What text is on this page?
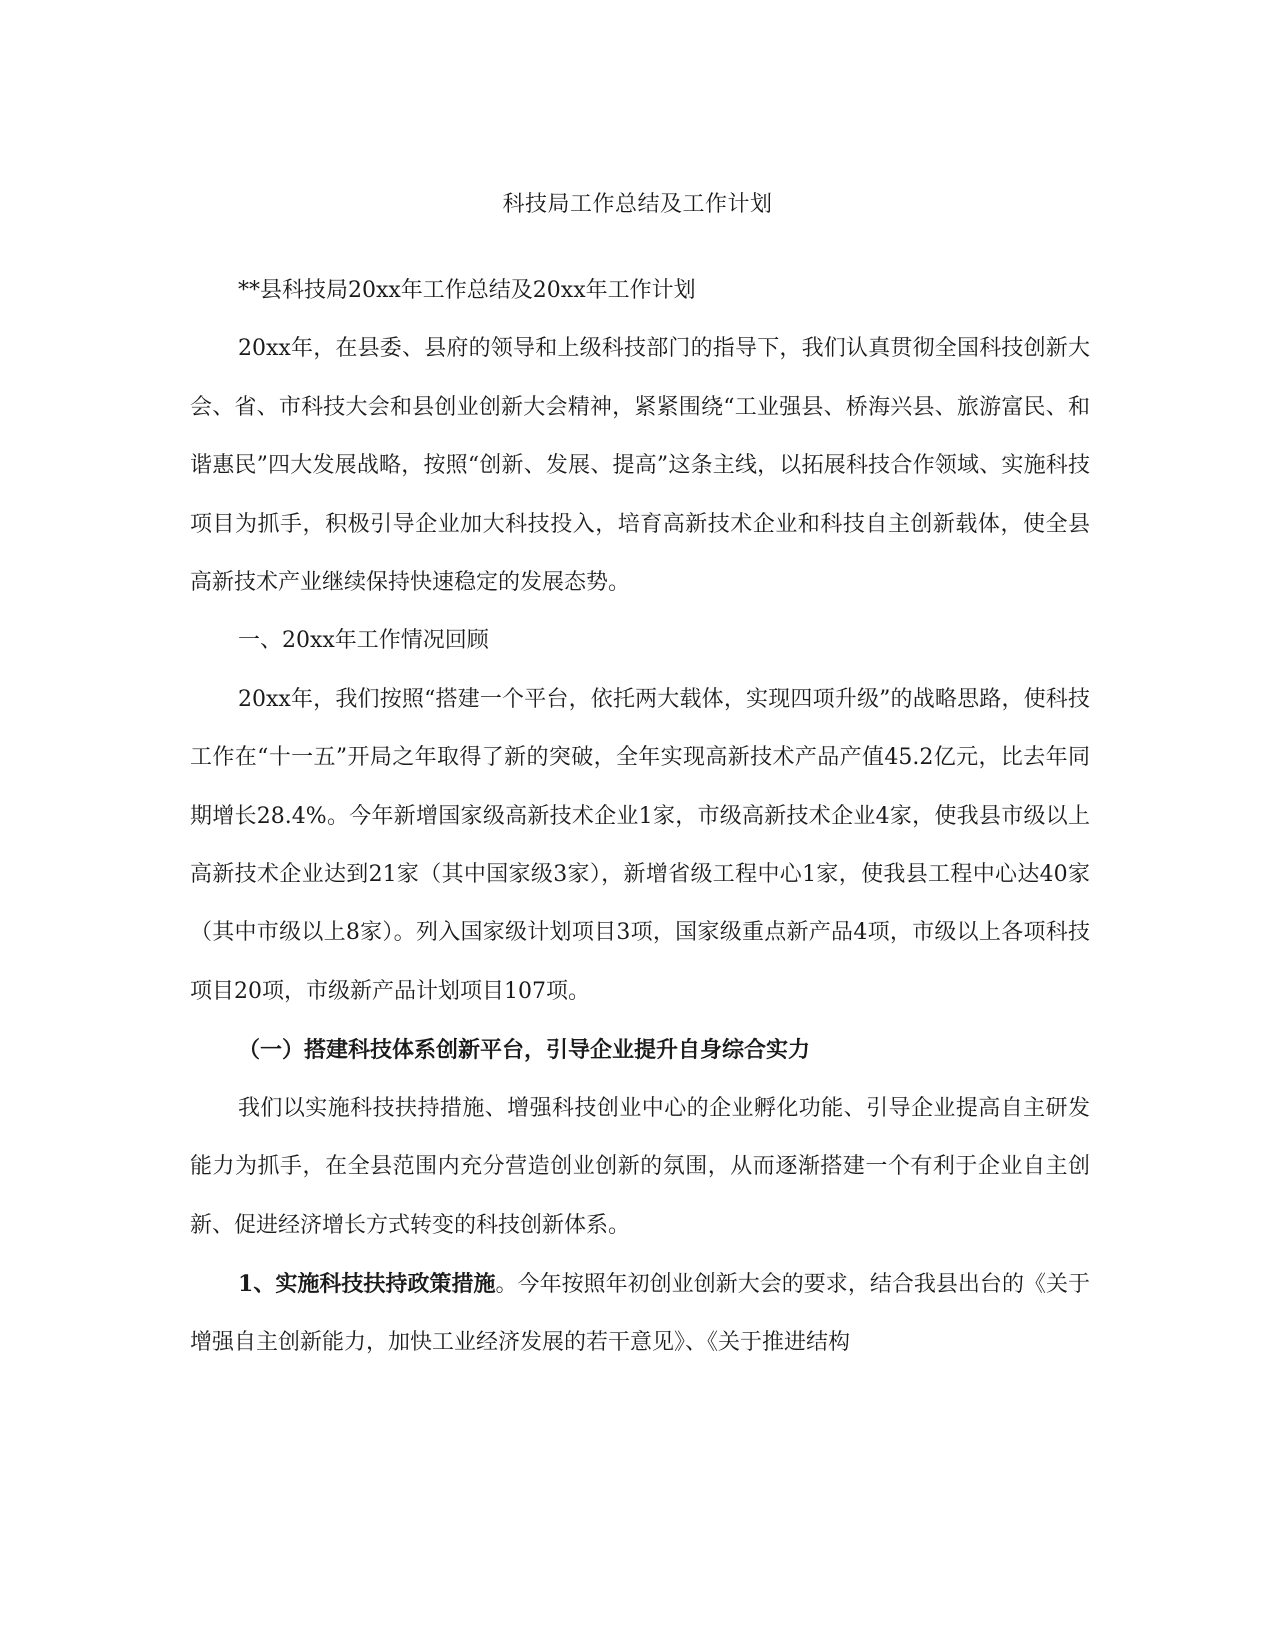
科技局工作总结及工作计划

**县科技局20xx年工作总结及20xx年工作计划

20xx年，在县委、县府的领导和上级科技部门的指导下，我们认真贯彻全国科技创新大会、省、市科技大会和县创业创新大会精神，紧紧围绕“工业强县、桥海兴县、旅游富民、和谐惠民”四大发展战略，按照“创新、发展、提高”这条主线，以拓展科技合作领域、实施科技项目为抓手，积极引导企业加大科技投入，培育高新技术企业和科技自主创新载体，使全县高新技术产业继续保持快速稳定的发展态势。

一、20xx年工作情况回顾

20xx年，我们按照“搭建一个平台，依托两大载体，实现四项升级”的战略思路，使科技工作在“十一五”开局之年取得了新的突破，全年实现高新技术产品产值45.2亿元，比去年同期增长28.4%。今年新增国家级高新技术企业1家，市级高新技术企业4家，使我县市级以上高新技术企业达到21家（其中国家级3家），新增省级工程中心1家，使我县工程中心达40家（其中市级以上8家）。列入国家级计划项目3项，国家级重点新产品4项，市级以上各项科技项目20项，市级新产品计划项目107项。

（一）搭建科技体系创新平台，引导企业提升自身综合实力

我们以实施科技扶持措施、增强科技创业中心的企业孵化功能、引导企业提高自主研发能力为抓手，在全县范围内充分营造创业创新的氛围，从而逐渐搭建一个有利于企业自主创新、促进经济增长方式转变的科技创新体系。

1、实施科技扶持政策措施。今年按照年初创业创新大会的要求，结合我县出台的《关于增强自主创新能力，加快工业经济发展的若干意见》、《关于推进结构
